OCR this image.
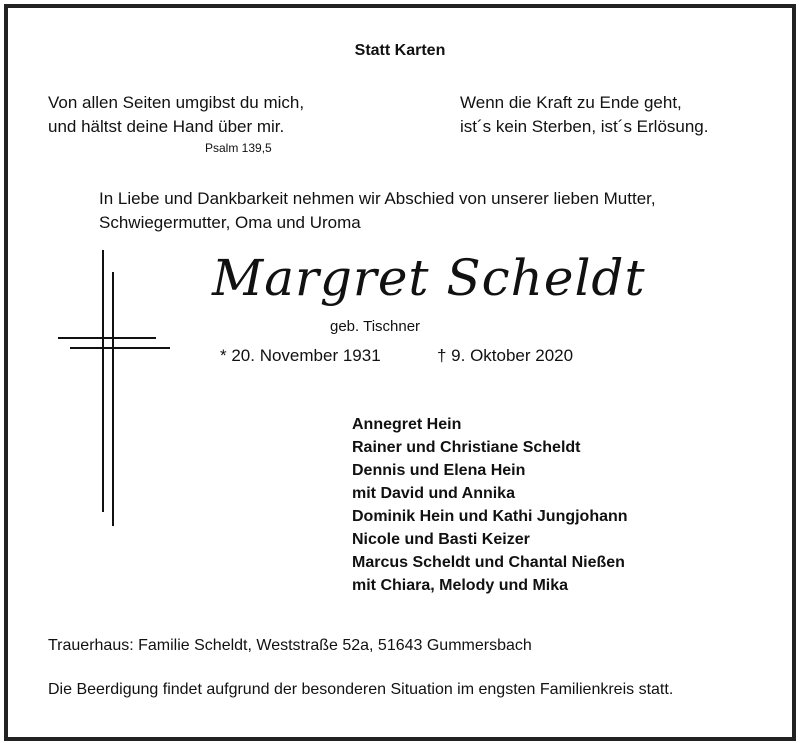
Statt Karten
Von allen Seiten umgibst du mich,
und hältst deine Hand über mir.
Psalm 139,5
Wenn die Kraft zu Ende geht,
ist´s kein Sterben, ist´s Erlösung.
In Liebe und Dankbarkeit nehmen wir Abschied von unserer lieben Mutter,
Schwiegermutter, Oma und Uroma
Margret Scheldt
geb. Tischner
* 20. November 1931	† 9. Oktober 2020
Annegret Hein
Rainer und Christiane Scheldt
Dennis und Elena Hein
mit David und Annika
Dominik Hein und Kathi Jungjohann
Nicole und Basti Keizer
Marcus Scheldt und Chantal Nießen
mit Chiara, Melody und Mika
Trauerhaus: Familie Scheldt, Weststraße 52a, 51643 Gummersbach
Die Beerdigung findet aufgrund der besonderen Situation im engsten Familienkreis statt.
